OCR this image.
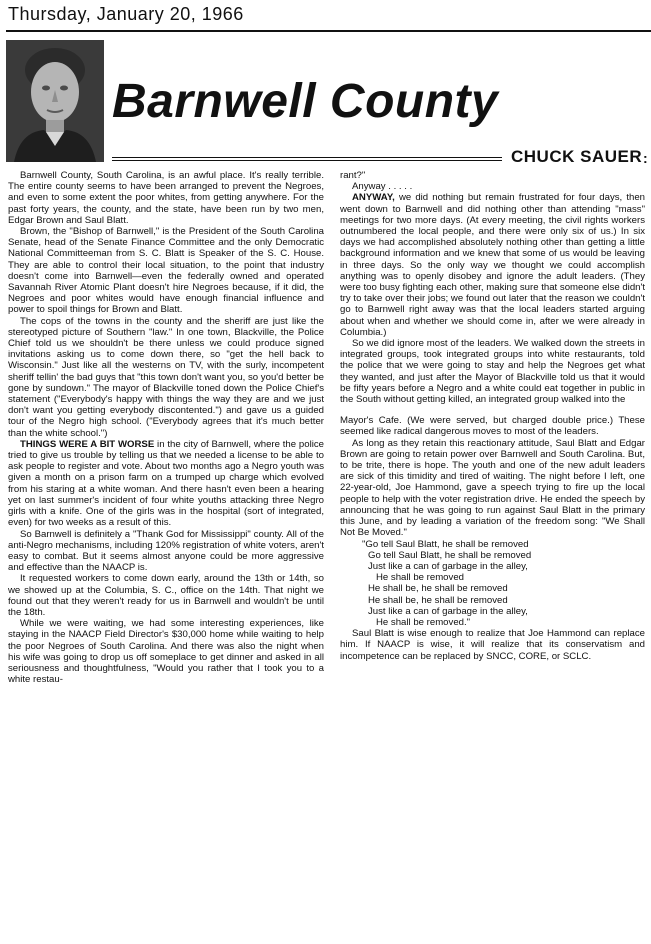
Thursday, January 20, 1966
Barnwell County
CHUCK SAUER :

Barnwell County, South Carolina, is an awful place. It's really terrible. The entire county seems to have been arranged to prevent the Negroes, and even to some extent the poor whites, from getting anywhere. For the past forty years, the county, and the state, have been run by two men, Edgar Brown and Saul Blatt.

Brown, the "Bishop of Barnwell," is the President of the South Carolina Senate, head of the Senate Finance Committee and the only Democratic National Committeeman from S. C. Blatt is Speaker of the S. C. House. They are able to control their local situation, to the point that industry doesn't come into Barnwell—even the federally owned and operated Savannah River Atomic Plant doesn't hire Negroes because, if it did, the Negroes and poor whites would have enough financial influence and power to spoil things for Brown and Blatt.

The cops of the towns in the county and the sheriff are just like the stereotyped picture of Southern "law." In one town, Blackville, the Police Chief told us we shouldn't be there unless we could produce signed invitations asking us to come down there, so "get the hell back to Wisconsin." Just like all the westerns on TV, with the surly, incompetent sheriff tellin' the bad guys that "this town don't want you, so you'd better be gone by sundown." The mayor of Blackville toned down the Police Chief's statement ("Everybody's happy with things the way they are and we just don't want you getting everybody discontented.") and gave us a guided tour of the Negro high school. ("Everybody agrees that it's much better than the white school.")

THINGS WERE A BIT WORSE in the city of Barnwell, where the police tried to give us trouble by telling us that we needed a license to be able to ask people to register and vote. About two months ago a Negro youth was given a month on a prison farm on a trumped up charge which evolved from his staring at a white woman. And there hasn't even been a hearing yet on last summer's incident of four white youths attacking three Negro girls with a knife. One of the girls was in the hospital (sort of integrated, even) for two weeks as a result of this.

So Barnwell is definitely a "Thank God for Mississippi" county. All of the anti-Negro mechanisms, including 120% registration of white voters, aren't easy to combat. But it seems almost anyone could be more aggressive and effective than the NAACP is.

It requested workers to come down early, around the 13th or 14th, so we showed up at the Columbia, S. C., office on the 14th. That night we found out that they weren't ready for us in Barnwell and wouldn't be until the 18th.

While we were waiting, we had some interesting experiences, like staying in the NAACP Field Director's $30,000 home while waiting to help the poor Negroes of South Carolina. And there was also the night when his wife was going to drop us off someplace to get dinner and asked in all seriousness and thoughtfulness, "Would you rather that I took you to a white restau-

rant?"

Anyway . . . . .

ANYWAY, we did nothing but remain frustrated for four days, then went down to Barnwell and did nothing other than attending "mass" meetings for two more days. (At every meeting, the civil rights workers outnumbered the local people, and there were only six of us.) In six days we had accomplished absolutely nothing other than getting a little background information and we knew that some of us would be leaving in three days. So the only way we thought we could accomplish anything was to openly disobey and ignore the adult leaders. (They were too busy fighting each other, making sure that someone else didn't try to take over their jobs; we found out later that the reason we couldn't go to Barnwell right away was that the local leaders started arguing about when and whether we should come in, after we were already in Columbia.)

So we did ignore most of the leaders. We walked down the streets in integrated groups, took integrated groups into white restaurants, told the police that we were going to stay and help the Negroes get what they wanted, and just after the Mayor of Blackville told us that it would be fifty years before a Negro and a white could eat together in public in the South without getting killed, an integrated group walked into the

Mayor's Cafe. (We were served, but charged double price.) These seemed like radical dangerous moves to most of the leaders.

As long as they retain this reactionary attitude, Saul Blatt and Edgar Brown are going to retain power over Barnwell and South Carolina. But, to be trite, there is hope. The youth and one of the new adult leaders are sick of this timidity and tired of waiting. The night before I left, one 22-year-old, Joe Hammond, gave a speech trying to fire up the local people to help with the voter registration drive. He ended the speech by announcing that he was going to run against Saul Blatt in the primary this June, and by leading a variation of the freedom song: "We Shall Not Be Moved."

"Go tell Saul Blatt, he shall be removed
Go tell Saul Blatt, he shall be removed
Just like a can of garbage in the alley,
He shall be removed
He shall be, he shall be removed
He shall be, he shall be removed
Just like a can of garbage in the alley,
He shall be removed."

Saul Blatt is wise enough to realize that Joe Hammond can replace him. If NAACP is wise, it will realize that its conservatism and incompetence can be replaced by SNCC, CORE, or SCLC.
